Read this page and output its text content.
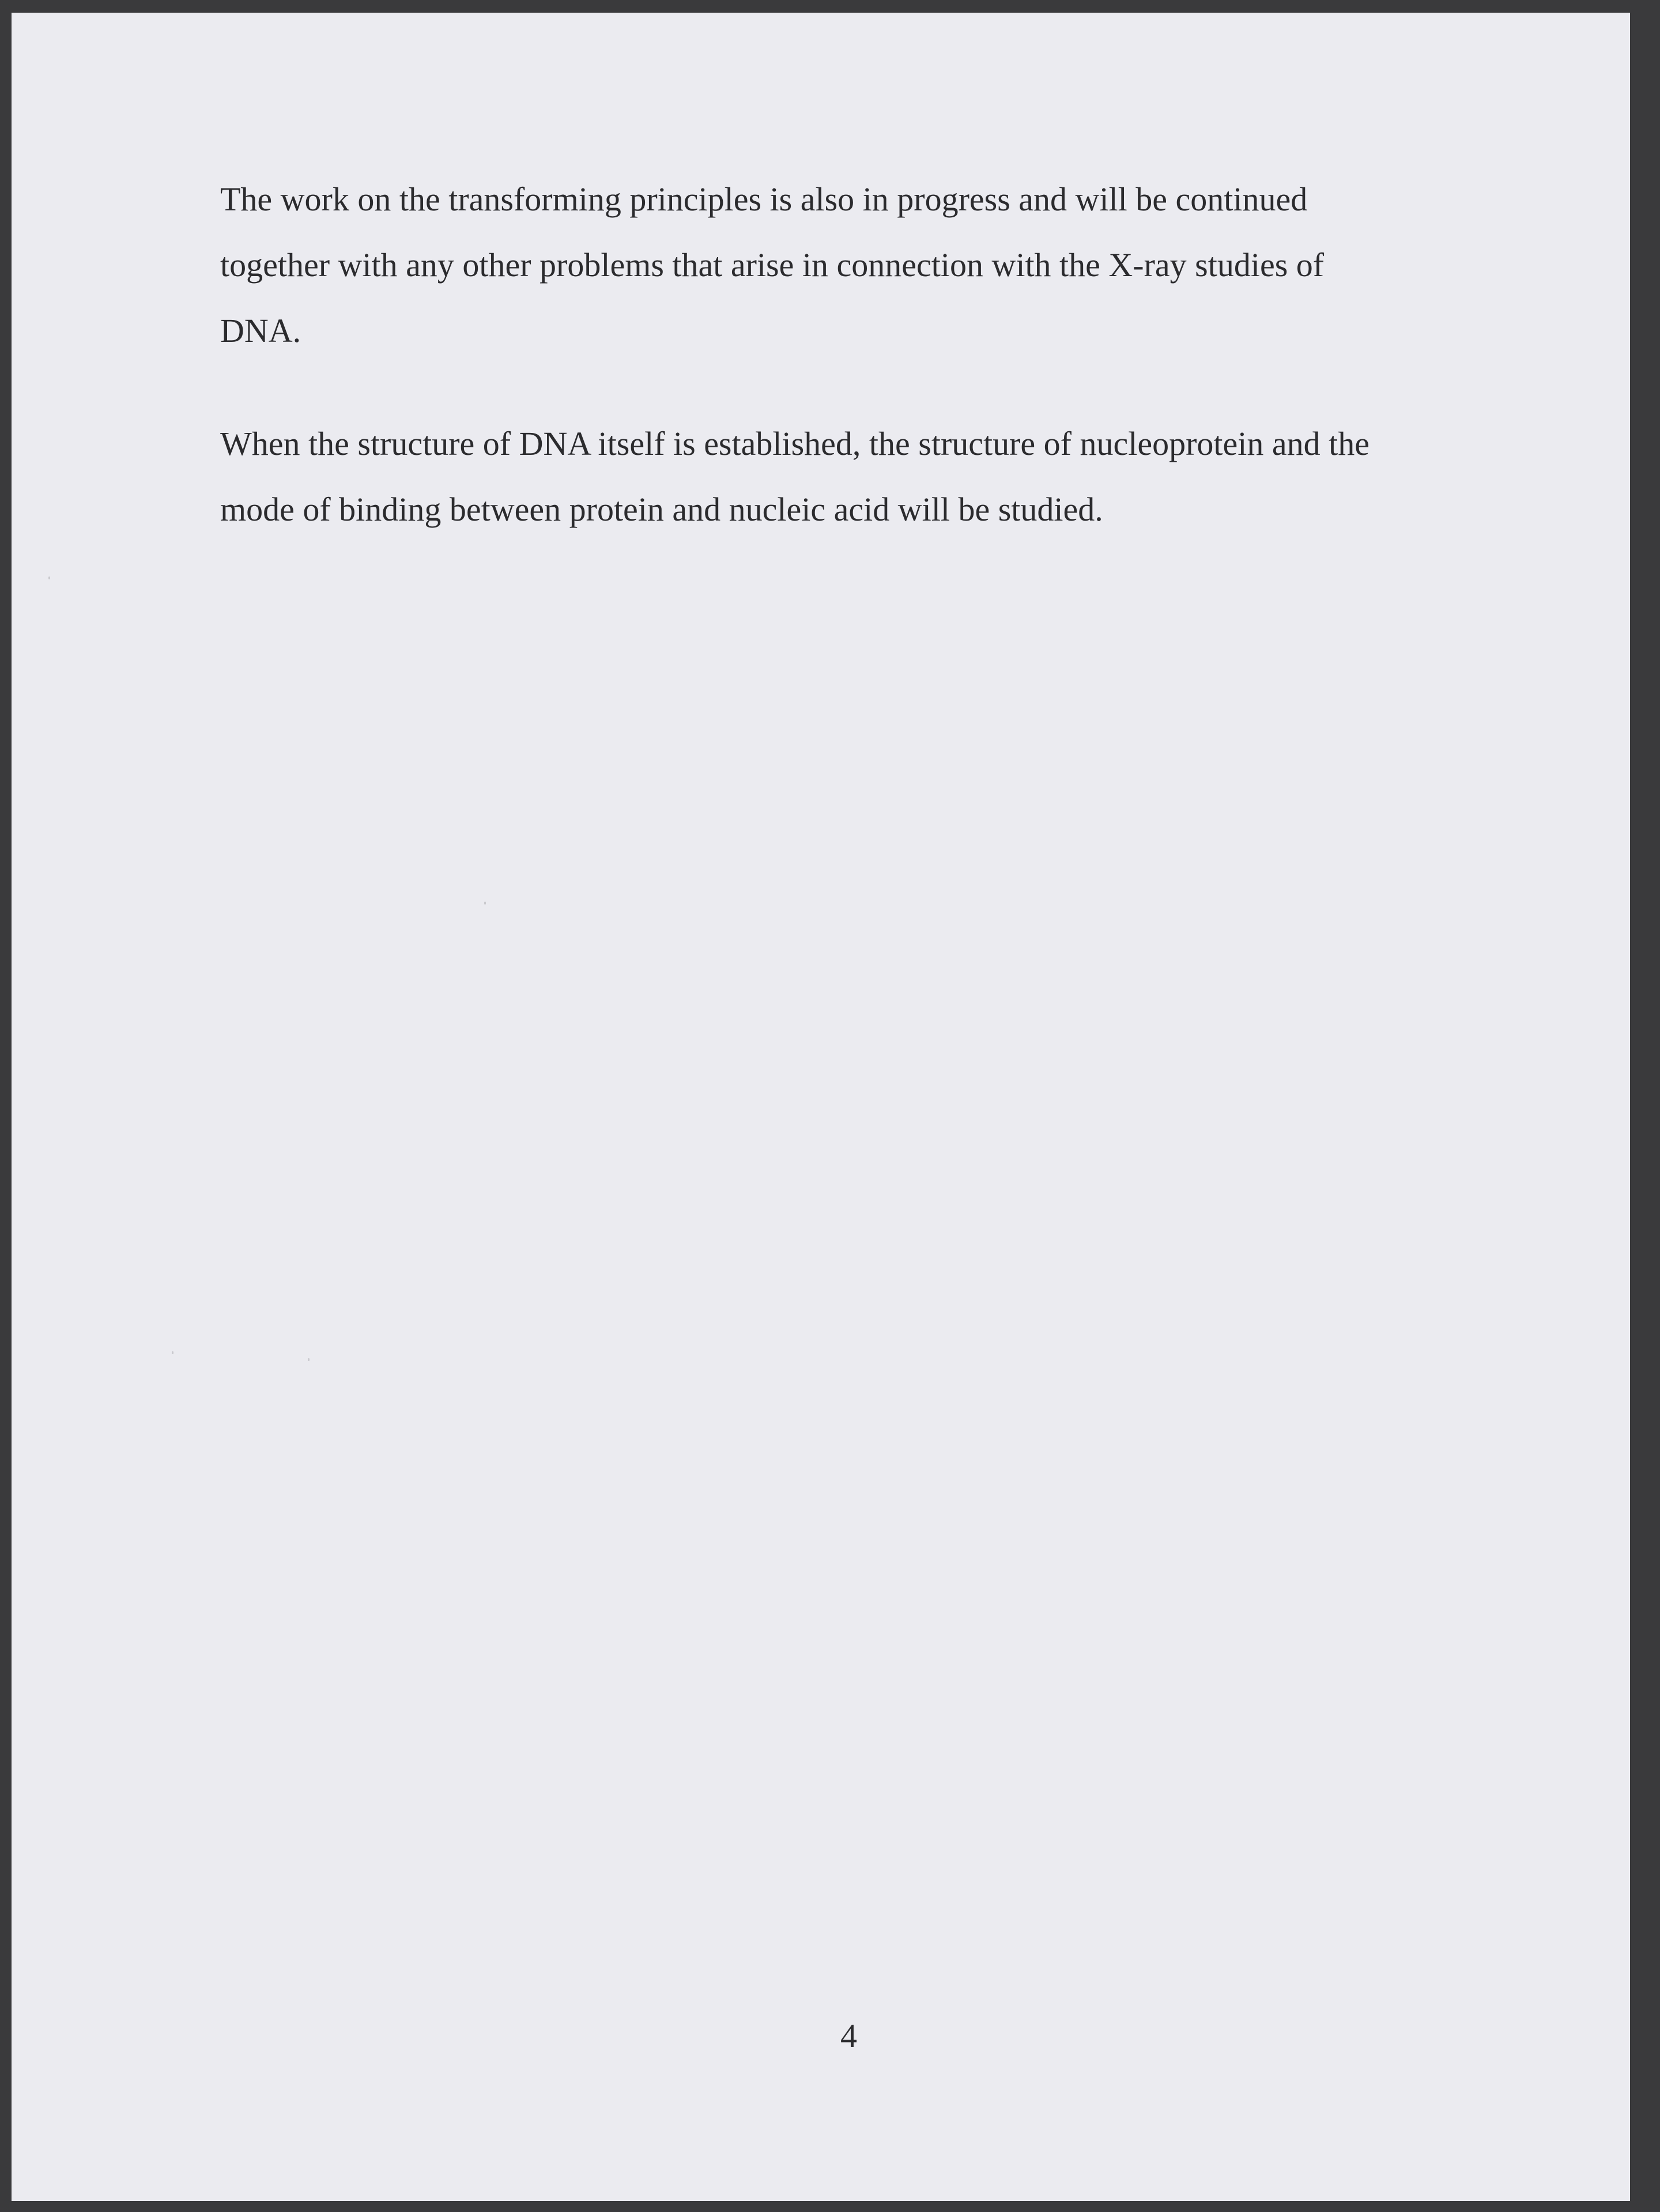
The work on the transforming principles is also in progress and will be continued
together with any other problems that arise in connection with the X-ray studies of
DNA.
When the structure of DNA itself is established, the structure of nucleoprotein and the
mode of binding between protein and nucleic acid will be studied.
4
